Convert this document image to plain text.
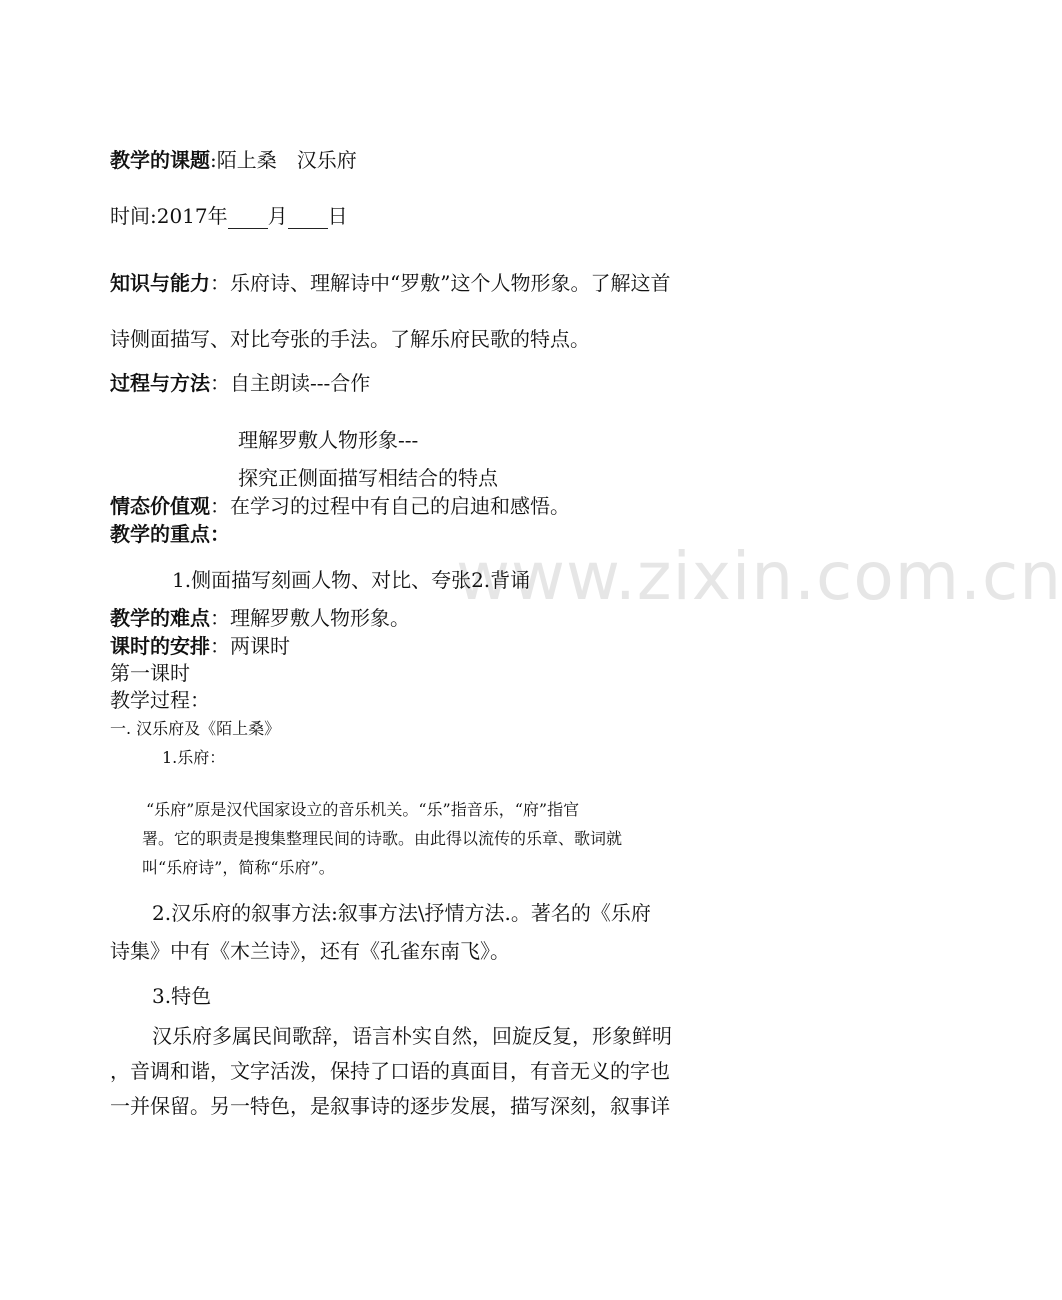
www.zixin.com.cn
教学的课题:陌上桑　汉乐府
时间:2017年 月 日
知识与能力：乐府诗、理解诗中“罗敷”这个人物形象。了解这首
诗侧面描写、对比夸张的手法。了解乐府民歌的特点。
过程与方法：自主朗读---合作
理解罗敷人物形象---
探究正侧面描写相结合的特点
情态价值观：在学习的过程中有自己的启迪和感悟。
教学的重点：
1.侧面描写刻画人物、对比、夸张2.背诵
教学的难点：理解罗敷人物形象。
课时的安排：两课时
第一课时
教学过程：
一. 汉乐府及《陌上桑》
1.乐府：
“乐府”原是汉代国家设立的音乐机关。“乐”指音乐，“府”指官
署。它的职责是搜集整理民间的诗歌。由此得以流传的乐章、歌词就
叫“乐府诗”，简称“乐府”。
2.汉乐府的叙事方法:叙事方法\抒情方法.。著名的《乐府
诗集》中有《木兰诗》，还有《孔雀东南飞》。
3.特色
汉乐府多属民间歌辞，语言朴实自然，回旋反复，形象鲜明
，音调和谐，文字活泼，保持了口语的真面目，有音无义的字也
一并保留。另一特色，是叙事诗的逐步发展，描写深刻，叙事详
